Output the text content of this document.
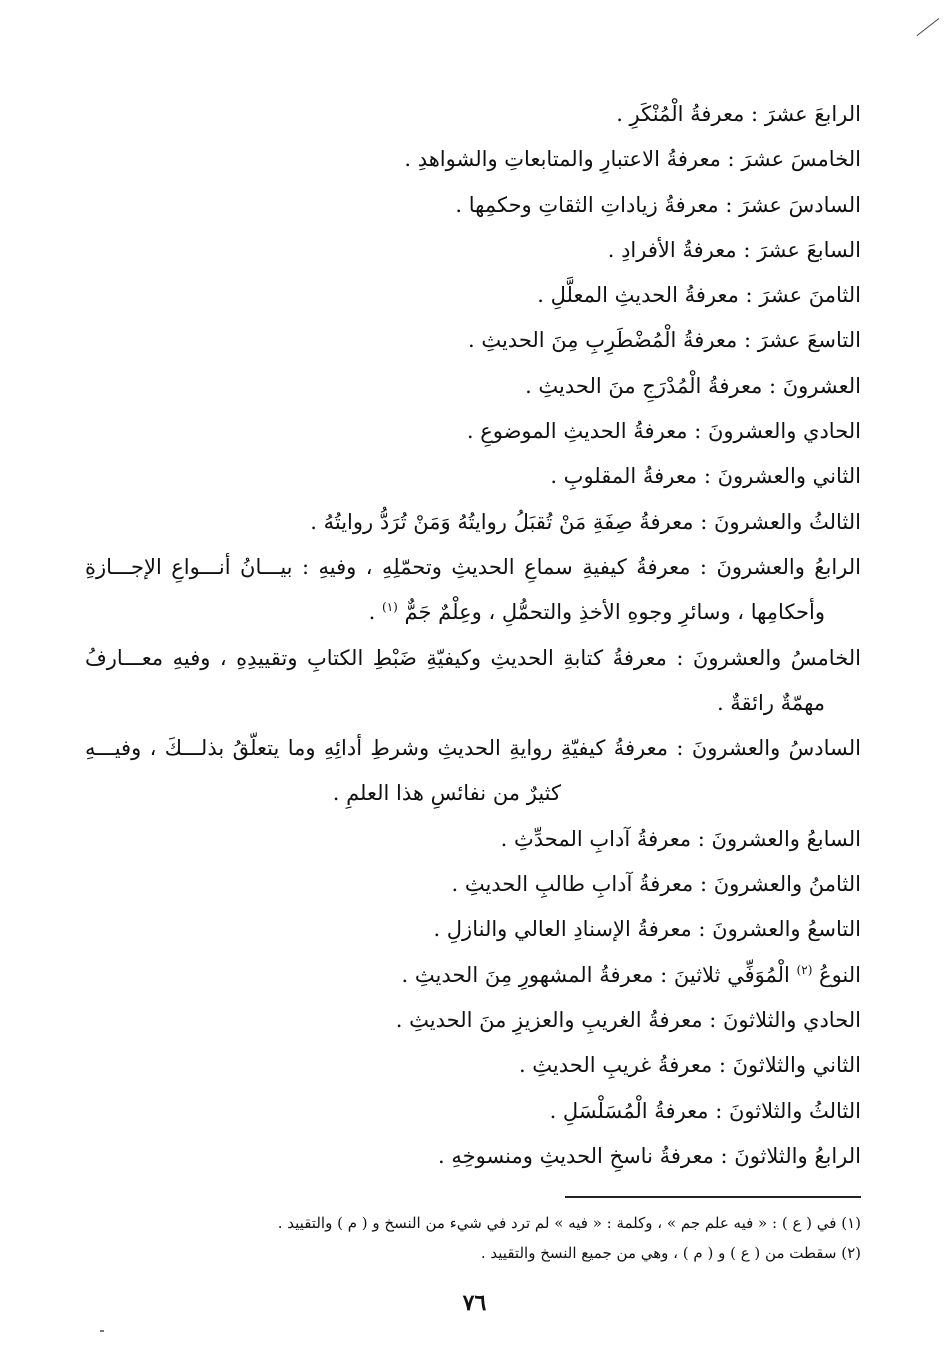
الرابعَ عشرَ : معرفةُ الْمُنْكَرِ .
الخامسَ عشرَ : معرفةُ الاعتبارِ والمتابعاتِ والشواهدِ .
السادسَ عشرَ : معرفةُ زياداتِ الثقاتِ وحكمِها .
السابعَ عشرَ : معرفةُ الأفرادِ .
الثامنَ عشرَ : معرفةُ الحديثِ المعلَّلِ .
التاسعَ عشرَ : معرفةُ الْمُضْطَرِبِ مِنَ الحديثِ .
العشرونَ : معرفةُ الْمُدْرَجِ منَ الحديثِ .
الحادي والعشرونَ : معرفةُ الحديثِ الموضوعِ .
الثاني والعشرونَ : معرفةُ المقلوبِ .
الثالثُ والعشرونَ : معرفةُ صِفَةِ مَنْ تُقبَلُ روايتُهُ وَمَنْ تُرَدُّ روايتُهُ .
الرابعُ والعشرونَ : معرفةُ كيفيةِ سماعِ الحديثِ وتحمّلِهِ ، وفيهِ : بيـــانُ أنـــواعِ الإجـــازةِ
وأحكامِها ، وسائرِ وجوهِ الأخذِ والتحمُّلِ ، وعِلْمٌ جَمٌّ $^{(١)}$ .
الخامسُ والعشرونَ : معرفةُ كتابةِ الحديثِ وكيفيّةِ ضَبْطِ الكتابِ وتقييدِهِ ، وفيهِ معـــارفُ
مهمّةٌ رائقةٌ .
السادسُ والعشرونَ : معرفةُ كيفيّةِ روايةِ الحديثِ وشرطِ أدائِهِ وما يتعلّقُ بذلـــكَ ، وفيـــهِ
كثيرٌ من نفائسِ هذا العلمِ .
السابعُ والعشرونَ : معرفةُ آدابِ المحدِّثِ .
الثامنُ والعشرونَ : معرفةُ آدابِ طالبِ الحديثِ .
التاسعُ والعشرونَ : معرفةُ الإسنادِ العالي والنازلِ .
النوعُ $^{(٢)}$ الْمُوَفِّي ثلاثينَ : معرفةُ المشهورِ مِنَ الحديثِ .
الحادي والثلاثونَ : معرفةُ الغريبِ والعزيزِ منَ الحديثِ .
الثاني والثلاثونَ : معرفةُ غريبِ الحديثِ .
الثالثُ والثلاثونَ : معرفةُ الْمُسَلْسَلِ .
الرابعُ والثلاثونَ : معرفةُ ناسخِ الحديثِ ومنسوخِهِ .
(١) في ( ع ) : « فيه علم جم » ، وكلمة : « فيه » لم ترد في شيء من النسخ و ( م ) والتقييد .
(٢) سقطت من ( ع ) و ( م ) ، وهي من جميع النسخ والتقييد .
٧٦
